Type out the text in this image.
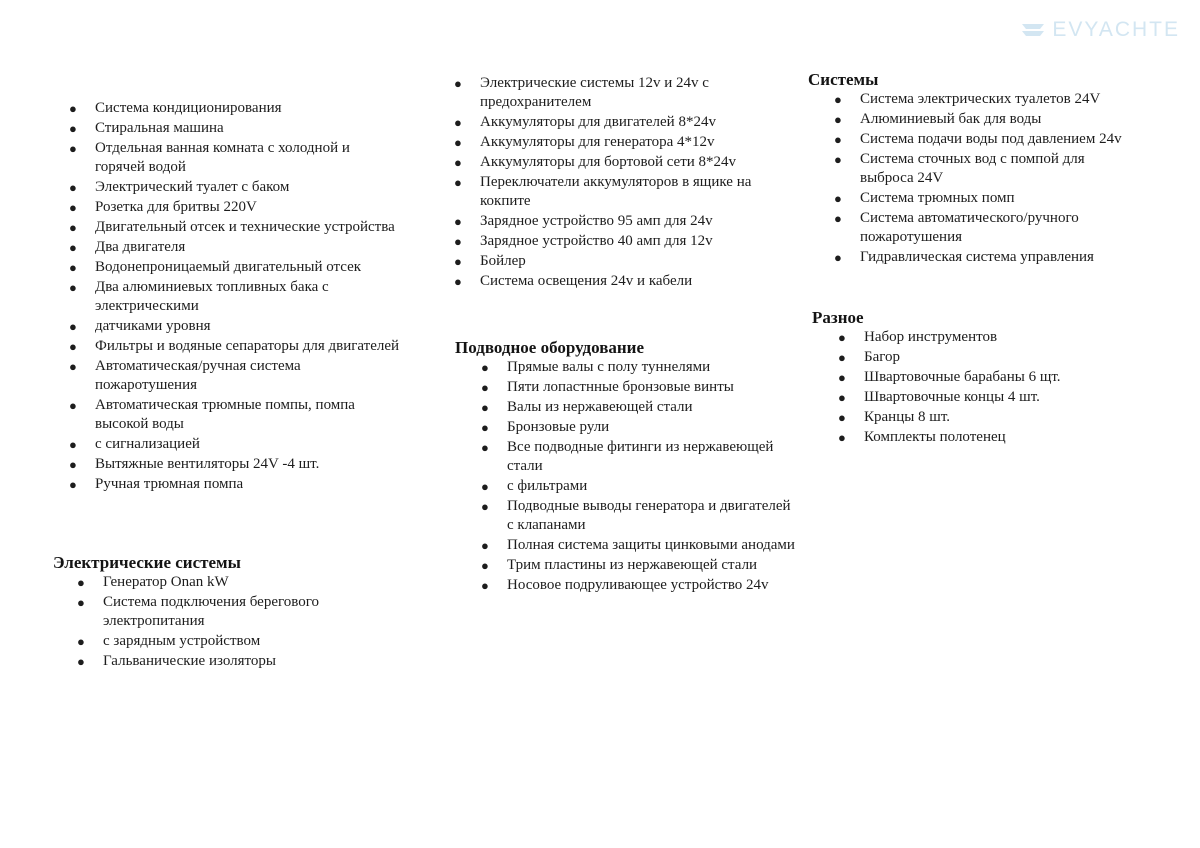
EVYACHTE
● Система кондиционирования
● Стиральная машина
● Отдельная ванная комната с холодной и горячей водой
● Электрический туалет с баком
● Розетка для бритвы 220V
● Двигательный отсек и технические устройства
● Два двигателя
● Водонепроницаемый двигательный отсек
● Два алюминиевых топливных бака с электрическими
● датчиками уровня
● Фильтры и водяные сепараторы для двигателей
● Автоматическая/ручная система пожаротушения
● Автоматическая трюмные помпы, помпа высокой воды
● с сигнализацией
● Вытяжные вентиляторы 24V -4 шт.
● Ручная трюмная помпа
Электрические системы
● Генератор Onan kW
● Система подключения берегового электропитания
● с зарядным устройством
● Гальванические изоляторы
● Электрические системы 12v и 24v с предохранителем
● Аккумуляторы для двигателей 8*24v
● Аккумуляторы для генератора 4*12v
● Аккумуляторы для бортовой сети 8*24v
● Переключатели аккумуляторов в ящике на кокпите
● Зарядное устройство 95 амп для 24v
● Зарядное устройство 40 амп для 12v
● Бойлер
● Система освещения 24v и кабели
Подводное оборудование
● Прямые валы с полу туннелями
● Пяти лопастнные бронзовые винты
● Валы из нержавеющей стали
● Бронзовые рули
● Все подводные фитинги из нержавеющей стали
● с фильтрами
● Подводные выводы генератора и двигателей с клапанами
● Полная система защиты цинковыми анодами
● Трим пластины из нержавеющей стали
● Носовое подруливающее устройство 24v
Системы
● Система электрических туалетов 24V
● Алюминиевый бак для воды
● Система подачи воды под давлением 24v
● Система сточных вод с помпой для выброса 24V
● Система трюмных помп
● Система автоматического/ручного пожаротушения
● Гидравлическая система управления
Разное
● Набор инструментов
● Багор
● Швартовочные барабаны 6 щт.
● Швартовочные концы 4 шт.
● Кранцы 8 шт.
● Комплекты полотенец
